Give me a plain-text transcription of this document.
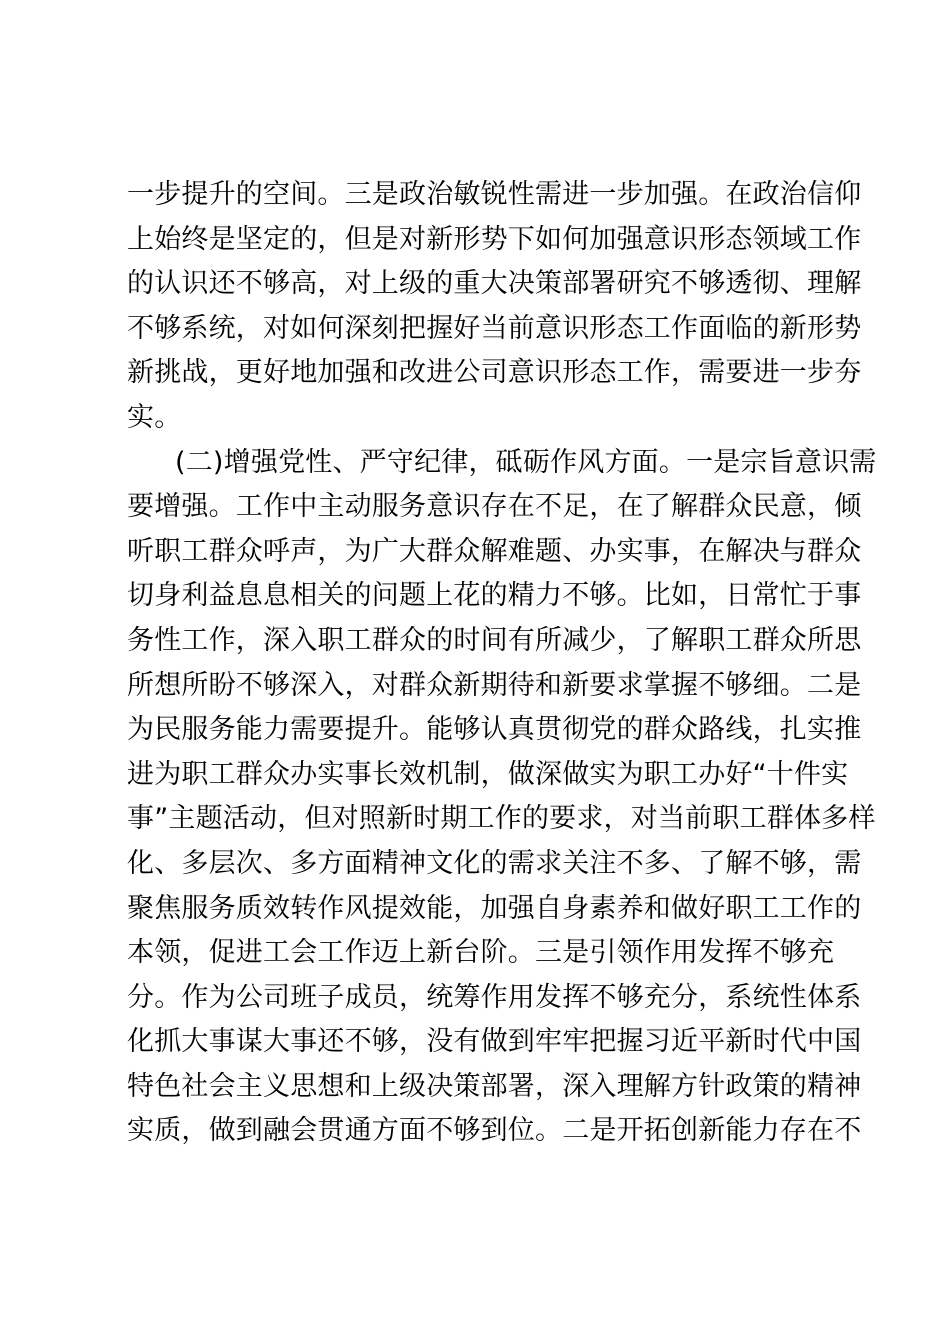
一步提升的空间。三是政治敏锐性需进一步加强。在政治信仰
上始终是坚定的，但是对新形势下如何加强意识形态领域工作
的认识还不够高，对上级的重大决策部署研究不够透彻、理解
不够系统，对如何深刻把握好当前意识形态工作面临的新形势
新挑战，更好地加强和改进公司意识形态工作，需要进一步夯
实。
(二)增强党性、严守纪律，砥砺作风方面。一是宗旨意识需
要增强。工作中主动服务意识存在不足，在了解群众民意，倾
听职工群众呼声，为广大群众解难题、办实事，在解决与群众
切身利益息息相关的问题上花的精力不够。比如，日常忙于事
务性工作，深入职工群众的时间有所减少，了解职工群众所思
所想所盼不够深入，对群众新期待和新要求掌握不够细。二是
为民服务能力需要提升。能够认真贯彻党的群众路线，扎实推
进为职工群众办实事长效机制，做深做实为职工办好“十件实
事”主题活动，但对照新时期工作的要求，对当前职工群体多样
化、多层次、多方面精神文化的需求关注不多、了解不够，需
聚焦服务质效转作风提效能，加强自身素养和做好职工工作的
本领，促进工会工作迈上新台阶。三是引领作用发挥不够充
分。作为公司班子成员，统筹作用发挥不够充分，系统性体系
化抓大事谋大事还不够，没有做到牢牢把握习近平新时代中国
特色社会主义思想和上级决策部署，深入理解方针政策的精神
实质，做到融会贯通方面不够到位。二是开拓创新能力存在不
